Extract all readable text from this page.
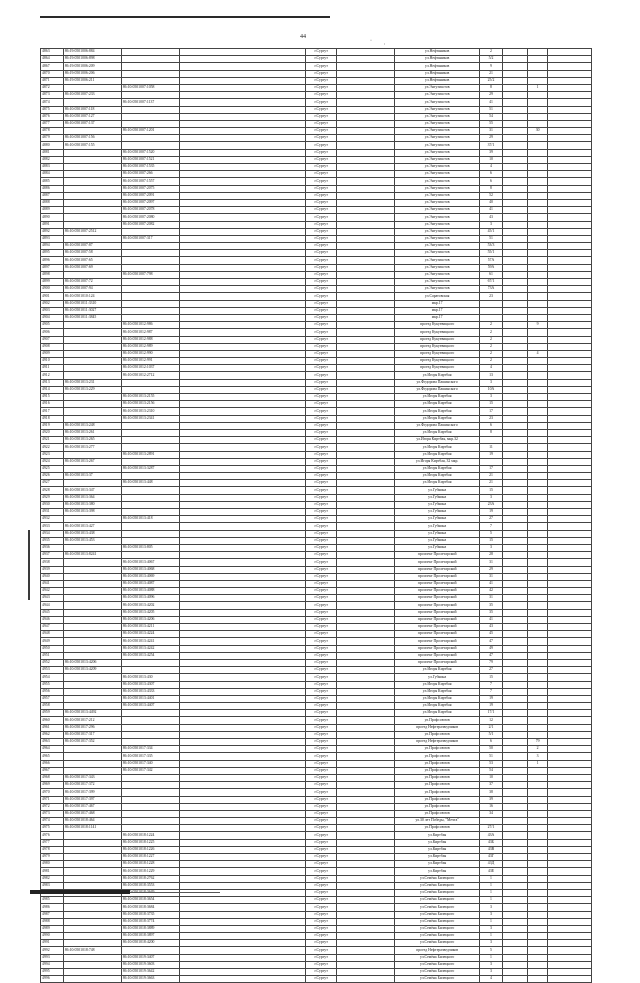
44
·
'
4863	86:19:0501006:884			г.Сургут		ул.Нефтяников	2			
4864	86:19:0501006:898			г.Сургут		ул.Нефтяников	5/2			
4867	86:19:0501006:209			г.Сургут		ул.Нефтяников	9			
4870	86:19:0501006:206			г.Сургут		ул.Нефтяников	21			
4871	86:19:0501006:211			г.Сургут		ул.Нефтяников	25/2			
4872		86:10:0501007:1058		г.Сургут		ул.Энтузиастов	8		1	
4873	86:10:0501007:233			г.Сургут		ул.Энтузиастов	29			
4874		86:10:0501007:1137		г.Сургут		ул.Энтузиастов	41			
4875	86:10:0501007:118			г.Сургут		ул.Энтузиастов	51			
4876	86:10:0501007:127			г.Сургут		ул.Энтузиастов	54			
4877	86:10:0501007:137			г.Сургут		ул.Энтузиастов	55			
4878		86:10:0501007:1201		г.Сургут		ул.Энтузиастов	31		30	
4879	86:10:0501007:156			г.Сургут		ул.Энтузиастов	29			
4880	86:10:0501007:155			г.Сургут		ул.Энтузиастов	37/1			
4881		86:10:0501007:1520		г.Сургут		ул.Энтузиастов	39			
4882		86:10:0501007:1521		г.Сургут		ул.Энтузиастов	10			
4883		86:10:0501007:1535		г.Сургут		ул.Энтузиастов	4			
4884		86:10:0501007:266		г.Сургут		ул.Энтузиастов	6			
4885		86:10:0501007:1557		г.Сургут		ул.Энтузиастов	6			
4886		86:10:0501007:2075		г.Сургут		ул.Энтузиастов	8			
4887		86:10:0501007:2091		г.Сургут		ул.Энтузиастов	52			
4888		86:10:0501007:2097		г.Сургут		ул.Энтузиастов	40			
4889		86:10:0501007:2078		г.Сургут		ул.Энтузиастов	41			
4890		86:10:0501007:2080		г.Сургут		ул.Энтузиастов	43			
4891		86:10:0501007:2082		г.Сургут		ул.Энтузиастов	3			
4892	86:10:0501007:2512			г.Сургут		ул.Энтузиастов	45/1			
4893		86:10:0501007:317		г.Сургут		ул.Энтузиастов	51			
4894	86:10:0501007:87			г.Сургут		ул.Энтузиастов	53/3			
4895	86:10:0501007:58			г.Сургут		ул.Энтузиастов	55/1			
4896	86:10:0501007:65			г.Сургут		ул.Энтузиастов	57А			
4897	86:10:0501007:69			г.Сургут		ул.Энтузиастов	59А			
4898		86:10:0501007:798		г.Сургут		ул.Энтузиастов	61			
4899	86:10:0501007:72			г.Сургут		ул.Энтузиастов	67/1			
4900	86:10:0501007:94			г.Сургут		ул.Энтузиастов	73А			
4901	86:10:0501010:124			г.Сургут		ул.Саратовская	23			
4902	86:10:0501011:3310			г.Сургут		мкр.17				
4903	86:10:0501011:3027			г.Сургут		мкр.17				
4904	86:10:0501011:3845			г.Сургут		мкр.17				
4905		86:10:0501012:986		г.Сургут		проезд Кукуевицкого	2		9	
4906		86:10:0501012:987		г.Сургут		проезд Кукуевицкого	2			
4907		86:10:0501012:988		г.Сургут		проезд Кукуевицкого	2			
4908		86:10:0501012:989		г.Сургут		проезд Кукуевицкого	2			
4909		86:10:0501012:990		г.Сургут		проезд Кукуевицкого	2		4	
4910		86:10:0501012:991		г.Сургут		проезд Кукуевицкого	2			
4911		86:10:0501012:1037		г.Сургут		проезд Кукуевицкого	4			
4912		86:10:0501012:2712		г.Сургут		ул.Игоря Киртбая	13			
4913	86:10:0501013:231			г.Сургут		ул.Федорова Пашинского	3			
4914	86:10:0501013:229			г.Сургут		ул.Федорова Пашинского	10А			
4915		86:10:0501013:2155		г.Сургут		ул.Игоря Киртбая	3			
4916		86:10:0501013:2156		г.Сургут		ул.Игоря Киртбая	15			
4917		86:10:0501013:2310		г.Сургут		ул.Игоря Киртбая	17			
4918		86:10:0501013:2341		г.Сургут		ул.Игоря Киртбая	23			
4919	86:10:0501013:248			г.Сургут		ул.Федорова Пашинского	6			
4920	86:10:0501013:261			г.Сургут		ул.Игоря Киртбая	8			
4921	86:10:0501013:265			г.Сургут		ул.Игоря Киртбая, мкр.32				
4922	86:10:0501013:277			г.Сургут		ул.Игоря Киртбая	11			
4923		86:10:0501013:2891		г.Сургут		ул.Игоря Киртбая	19			
4924	86:10:0501013:267			г.Сургут		ул.Игоря Киртбая, 32 мкр.				
4925		86:10:0501013:3287		г.Сургут		ул.Игоря Киртбая	17			
4926	86:10:0501013:37			г.Сургут		ул.Игоря Киртбая	21			
4927		86:10:0501013:448		г.Сургут		ул.Игоря Киртбая	21			
4928	86:10:0501013:347			г.Сургут		ул.Губкина	15			
4929	86:10:0501013:364			г.Сургут		ул.Губкина	3			
4930	86:10:0501013:380			г.Сургут		ул.Губкина	23А			
4931	86:10:0501013:398			г.Сургут		ул.Губкина	19			
4932		86:10:0501013:418		г.Сургут		ул.Губкина	27			
4933	86:10:0501013:427			г.Сургут		ул.Губкина	7			
4934	86:10:0501013:438			г.Сургут		ул.Губкина	5			
4935	86:10:0501013:453			г.Сургут		ул.Губкина	15			
4936		86:10:0501013:805		г.Сургут		ул.Губкина	3			
4937	86:10:0501013:8241			г.Сургут		проспект Пролетарский	28			
4938		86:10:0501013:4067		г.Сургут		проспект Пролетарский	31			
4939		86:10:0501013:4068		г.Сургут		проспект Пролетарский	29			
4940		86:10:0501013:4069		г.Сургут		проспект Пролетарский	31			
4941		86:10:0501013:4087		г.Сургут		проспект Пролетарский	41			
4942		86:10:0501013:4088		г.Сургут		проспект Пролетарский	42			
4943		86:10:0501013:4096		г.Сургут		проспект Пролетарский	31			
4944		86:10:0501013:4202		г.Сургут		проспект Пролетарский	35			
4945		86:10:0501013:4205		г.Сургут		проспект Пролетарский	35			
4946		86:10:0501013:4206		г.Сургут		проспект Пролетарский	41			
4947		86:10:0501013:4211		г.Сургут		проспект Пролетарский	43			
4948		86:10:0501013:4224		г.Сургут		проспект Пролетарский	45			
4949		86:10:0501013:4241		г.Сургут		проспект Пролетарский	47			
4950		86:10:0501013:4242		г.Сургут		проспект Пролетарский	49			
4951		86:10:0501013:4254		г.Сургут		проспект Пролетарский	47			
4952	86:10:0501013:4206			г.Сургут		проспект Пролетарский	79			
4953	86:10:0501013:4209			г.Сургут		ул.Игоря Киртбая	27			
4954		86:10:0501013:430		г.Сургут		ул.Губкина	15			
4955		86:10:0501013:4307		г.Сургут		ул.Игоря Киртбая	7			
4956		86:10:0501013:4333		г.Сургут		ул.Игоря Киртбая	7			
4957		86:10:0501013:4401		г.Сургут		ул.Игоря Киртбая	19			
4958		86:10:0501013:4407		г.Сургут		ул.Игоря Киртбая	19			
4959	86:10:0501013:4492			г.Сургут		ул.Игоря Киртбая	17/1			
4960	86:10:0501017:212			г.Сургут		ул.Профсоюзов	12			
4961	86:10:0501017:296			г.Сургут		проезд Нефтеразведчиков	2/1			
4962	86:10:0501017:317			г.Сургут		ул.Профсоюзов	5/1			
4963	86:10:0501017:352			г.Сургут		проезд Нефтеразведчиков	6		79	
4964		86:10:0501017:334		г.Сургут		ул.Профсоюзов	50		2	
4965		86:10:0501017:335		г.Сургут		ул.Профсоюзов	51		3	
4966		86:10:0501017:340		г.Сургут		ул.Профсоюзов	53		1	
4967		86:10:0501017:342		г.Сургут		ул.Профсоюзов	54			
4968	86:10:0501017:343			г.Сургут		ул.Профсоюзов	10			
4969	86:10:0501017:372			г.Сургут		ул.Профсоюзов	37			
4970	86:10:0501017:399			г.Сургут		ул.Профсоюзов	38			
4971	86:10:0501017:397			г.Сургут		ул.Профсоюзов	39			
4972	86:10:0501017:467			г.Сургут		ул.Профсоюзов	16			
4973	86:10:0501017:468			г.Сургут		ул.Профсоюзов	34			
4974	86:10:0501018:464			г.Сургут		ул.30 лет Победы, "Мечта"				
4975	86:10:0501018:1141			г.Сургут		ул.Профсоюзов	27/1			
4976		86:10:0501018:1224		г.Сургут		ул.Киртбая	43А			
4977		86:10:0501018:1225		г.Сургут		ул.Киртбая	43Б			
4978		86:10:0501018:1226		г.Сургут		ул.Киртбая	43В			
4979		86:10:0501018:1227		г.Сургут		ул.Киртбая	43Г			
4980		86:10:0501018:1228		г.Сургут		ул.Киртбая	43Д			
4981		86:10:0501018:1229		г.Сургут		ул.Киртбая	43Е			
4982		86:10:0501018:2762		г.Сургут		ул.Семёна Билецкого	1			
4983		86:10:0501018:3553		г.Сургут		ул.Семёна Билецкого	1			
				г.Сургут		ул.Семёна Билецкого	1			
4985		86:10:0501018:3654		г.Сургут		ул.Семёна Билецкого	1			
4986		86:10:0501018:3684		г.Сургут		ул.Семёна Билецкого	3			
4987		86:10:0501018:3735		г.Сургут		ул.Семёна Билецкого	3			
4988		86:10:0501018:3774		г.Сургут		ул.Семёна Билецкого	1			
4989		86:10:0501018:3889		г.Сургут		ул.Семёна Билецкого	3			
4990		86:10:0501018:3897		г.Сургут		ул.Семёна Билецкого	1			
4991		86:10:0501018:4200		г.Сургут		ул.Семёна Билецкого	3			
4992	86:10:0501018:748			г.Сургут		проезд Нефтеразведчиков	5			
4993		86:10:0501019:3407		г.Сургут		ул.Семёна Билецкого	1			
4994		86:10:0501019:3603		г.Сургут		ул.Семёна Билецкого	3			
4995		86:10:0501019:3642		г.Сургут		ул.Семёна Билецкого	3			
4996		86:10:0501019:3663		г.Сургут		ул.Семёна Билецкого	4			
